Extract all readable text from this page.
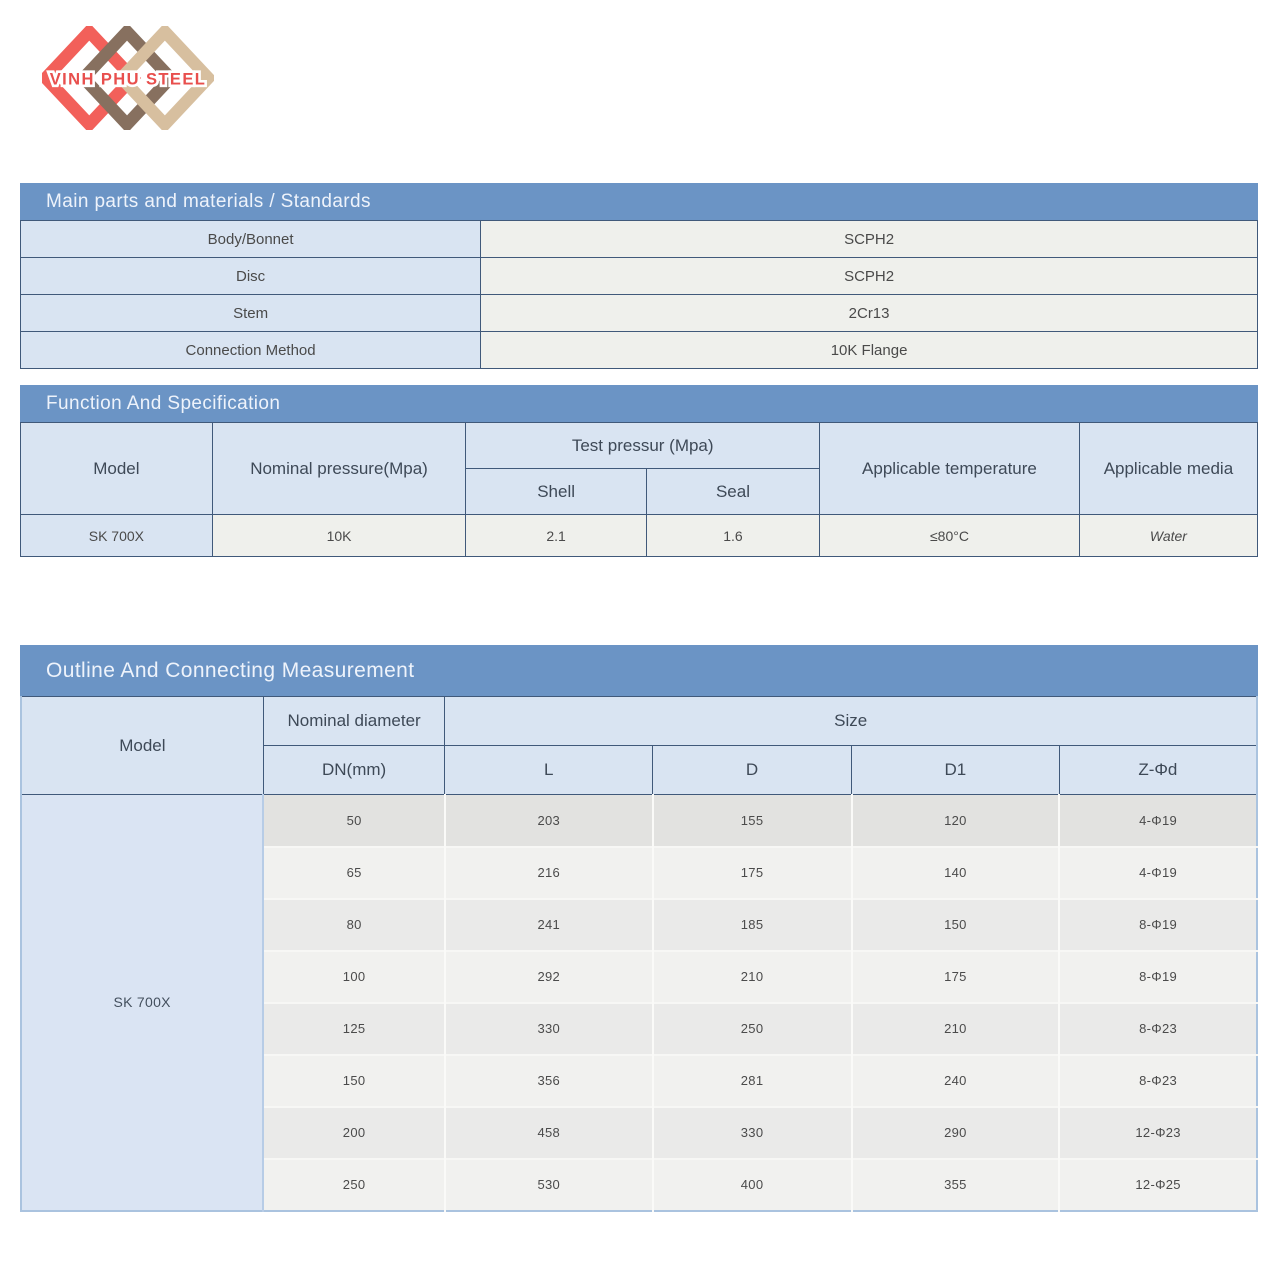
VINH PHU STEEL
Main parts and materials / Standards
Body/Bonnet	SCPH2
Disc	SCPH2
Stem	2Cr13
Connection Method	10K Flange
Function And Specification
Model	Nominal pressure(Mpa)	Test pressur (Mpa)		Applicable temperature	Applicable media
		Shell	Seal		
SK 700X	10K	2.1	1.6	≤80°C	Water
Outline And Connecting Measurement
Model	Nominal diameter	Size			
	DN(mm)	L	D	D1	Z-Φd
SK 700X	50	203	155	120	4-Φ19
	65	216	175	140	4-Φ19
	80	241	185	150	8-Φ19
	100	292	210	175	8-Φ19
	125	330	250	210	8-Φ23
	150	356	281	240	8-Φ23
	200	458	330	290	12-Φ23
	250	530	400	355	12-Φ25
